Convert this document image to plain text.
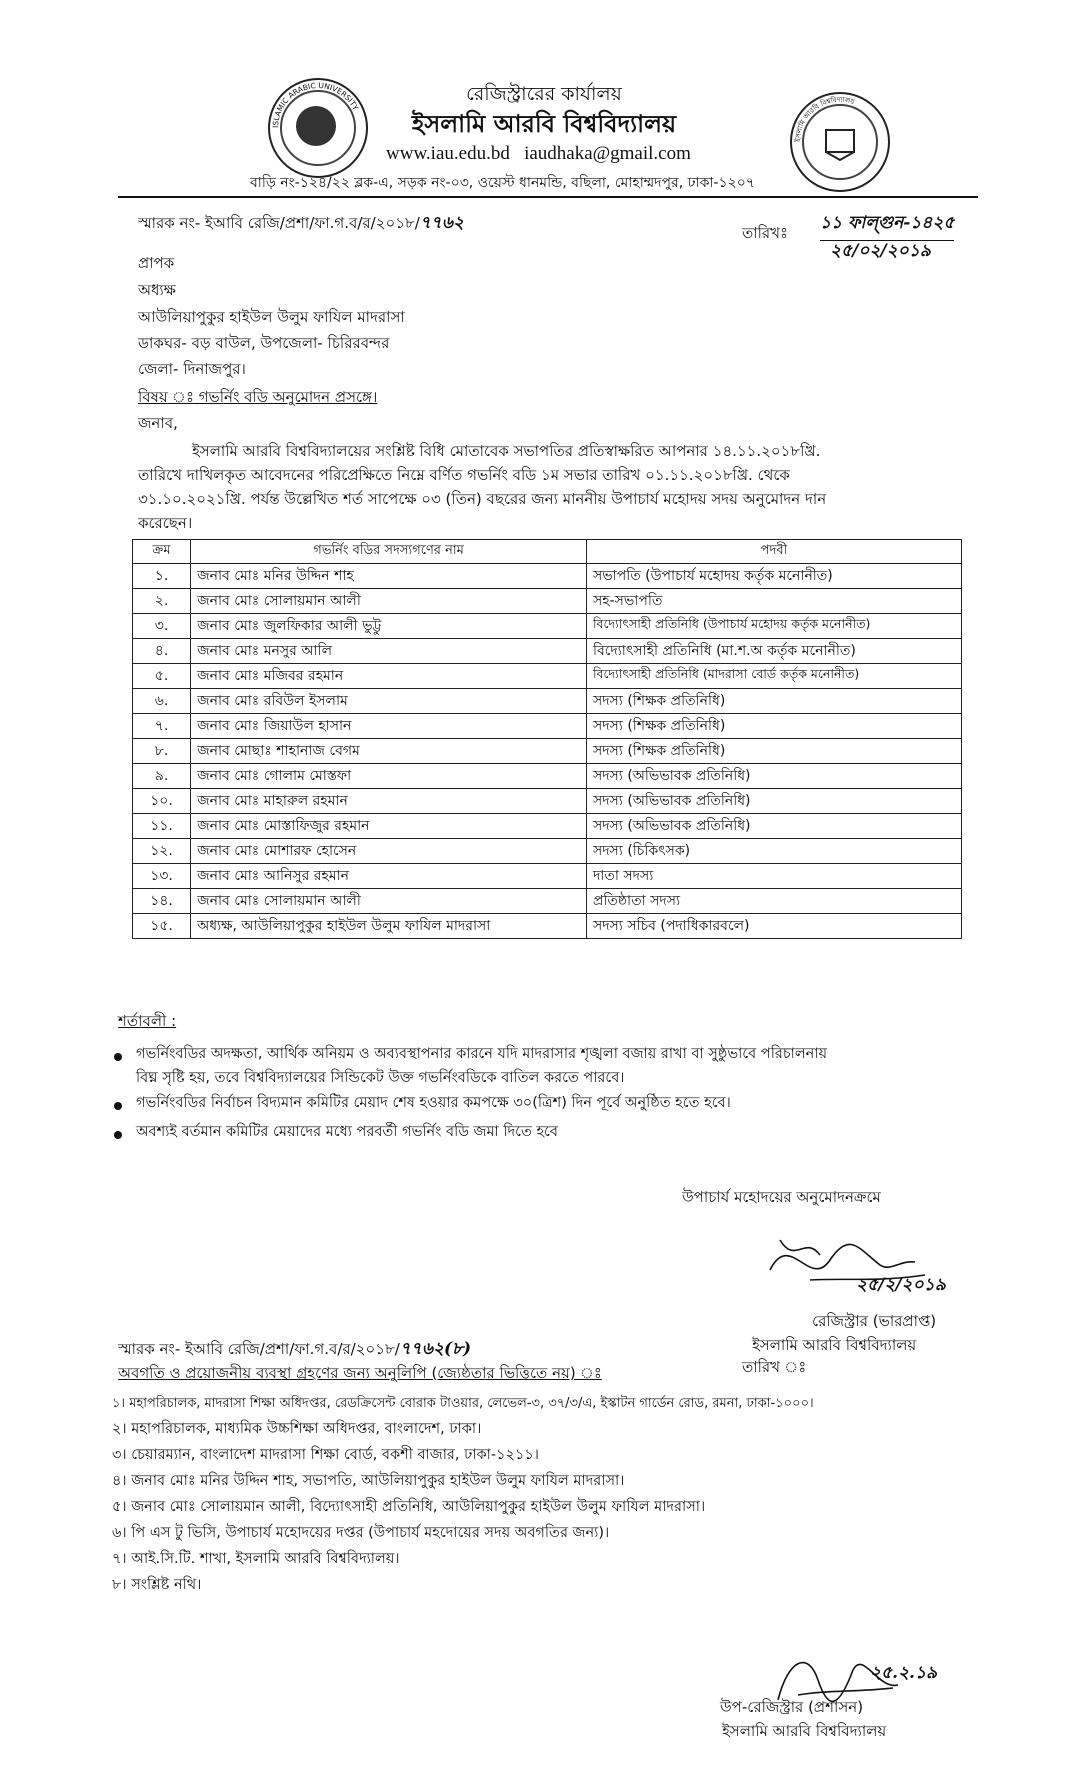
ISLAMIC ARABIC UNIVERSITY
ইসলামি আরবি বিশ্ববিদ্যালয়
রেজিস্ট্রারের কার্যালয়
ইসলামি আরবি বিশ্ববিদ্যালয়
www.iau.edu.bd iaudhaka@gmail.com
বাড়ি নং-১২৪/২২ ব্লক-এ, সড়ক নং-০৩, ওয়েস্ট ধানমন্ডি, বছিলা, মোহাম্মদপুর, ঢাকা-১২০৭
স্মারক নং- ইআবি রেজি/প্রশা/ফা.গ.ব/র/২০১৮/৭৭৬২	তারিখঃ ১১ ফাল্গুন-১৪২৫
২৫/০২/২০১৯
প্রাপক
অধ্যক্ষ
আউলিয়াপুকুর হাইউল উলুম ফাযিল মাদরাসা
ডাকঘর- বড় বাউল, উপজেলা- চিরিরবন্দর
জেলা- দিনাজপুর।
বিষয় ঃ গভর্নিং বডি অনুমোদন প্রসঙ্গে।
জনাব,
ইসলামি আরবি বিশ্ববিদ্যালয়ের সংশ্লিষ্ট বিধি মোতাবেক সভাপতির প্রতিস্বাক্ষরিত আপনার ১৪.১১.২০১৮খ্রি.
তারিখে দাখিলকৃত আবেদনের পরিপ্রেক্ষিতে নিম্নে বর্ণিত গভর্নিং বডি ১ম সভার তারিখ ০১.১১.২০১৮খ্রি. থেকে
৩১.১০.২০২১খ্রি. পর্যন্ত উল্লেখিত শর্ত সাপেক্ষে ০৩ (তিন) বছরের জন্য মাননীয় উপাচার্য মহোদয় সদয় অনুমোদন দান
করেছেন।
ক্রম	গভর্নিং বডির সদস্যগণের নাম	পদবী
১.	জনাব মোঃ মনির উদ্দিন শাহ	সভাপতি (উপাচার্য মহোদয় কর্তৃক মনোনীত)
২.	জনাব মোঃ সোলায়মান আলী	সহ-সভাপতি
৩.	জনাব মোঃ জুলফিকার আলী ভুট্টু	বিদ্যোৎসাহী প্রতিনিধি (উপাচার্য মহোদয় কর্তৃক মনোনীত)
৪.	জনাব মোঃ মনসুর আলি	বিদ্যোৎসাহী প্রতিনিধি (মা.শ.অ কর্তৃক মনোনীত)
৫.	জনাব মোঃ মজিবর রহমান	বিদ্যোৎসাহী প্রতিনিধি (মাদরাসা বোর্ড কর্তৃক মনোনীত)
৬.	জনাব মোঃ রবিউল ইসলাম	সদস্য (শিক্ষক প্রতিনিধি)
৭.	জনাব মোঃ জিয়াউল হাসান	সদস্য (শিক্ষক প্রতিনিধি)
৮.	জনাব মোছাঃ শাহানাজ বেগম	সদস্য (শিক্ষক প্রতিনিধি)
৯.	জনাব মোঃ গোলাম মোস্তফা	সদস্য (অভিভাবক প্রতিনিধি)
১০.	জনাব মোঃ মাহারুল রহমান	সদস্য (অভিভাবক প্রতিনিধি)
১১.	জনাব মোঃ মোস্তাফিজুর রহমান	সদস্য (অভিভাবক প্রতিনিধি)
১২.	জনাব মোঃ মোশারফ হোসেন	সদস্য (চিকিৎসক)
১৩.	জনাব মোঃ আনিসুর রহমান	দাতা সদস্য
১৪.	জনাব মোঃ সোলায়মান আলী	প্রতিষ্ঠাতা সদস্য
১৫.	অধ্যক্ষ, আউলিয়াপুকুর হাইউল উলুম ফাযিল মাদরাসা	সদস্য সচিব (পদাধিকারবলে)
শর্তাবলী :
গভর্নিংবডির অদক্ষতা, আর্থিক অনিয়ম ও অব্যবস্থাপনার কারনে যদি মাদরাসার শৃঙ্খলা বজায় রাখা বা সুষ্ঠুভাবে পরিচালনায়
বিঘ্ন সৃষ্টি হয়, তবে বিশ্ববিদ্যালয়ের সিন্ডিকেট উক্ত গভর্নিংবডিকে বাতিল করতে পারবে।
গভর্নিংবডির নির্বাচন বিদ্যমান কমিটির মেয়াদ শেষ হওয়ার কমপক্ষে ৩০(ত্রিশ) দিন পূর্বে অনুষ্ঠিত হতে হবে।
অবশ্যই বর্তমান কমিটির মেয়াদের মধ্যে পরবর্তী গভর্নিং বডি জমা দিতে হবে
উপাচার্য মহোদয়ের অনুমোদনক্রমে
২৫/২/২০১৯
রেজিস্ট্রার (ভারপ্রাপ্ত)
ইসলামি আরবি বিশ্ববিদ্যালয়
স্মারক নং- ইআবি রেজি/প্রশা/ফা.গ.ব/র/২০১৮/৭৭৬২(৮)
তারিখ ঃ
অবগতি ও প্রয়োজনীয় ব্যবস্থা গ্রহণের জন্য অনুলিপি (জ্যেষ্ঠতার ভিত্তিতে নয়) ঃ
১। মহাপরিচালক, মাদরাসা শিক্ষা অধিদপ্তর, রেডক্রিসেন্ট বোরাক টাওয়ার, লেভেল-৩, ৩৭/৩/এ, ইস্কাটন গার্ডেন রোড, রমনা, ঢাকা-১০০০।
২। মহাপরিচালক, মাধ্যমিক উচ্চশিক্ষা অধিদপ্তর, বাংলাদেশ, ঢাকা।
৩। চেয়ারম্যান, বাংলাদেশ মাদরাসা শিক্ষা বোর্ড, বকশী বাজার, ঢাকা-১২১১।
৪। জনাব মোঃ মনির উদ্দিন শাহ, সভাপতি, আউলিয়াপুকুর হাইউল উলুম ফাযিল মাদরাসা।
৫। জনাব মোঃ সোলায়মান আলী, বিদ্যোৎসাহী প্রতিনিধি, আউলিয়াপুকুর হাইউল উলুম ফাযিল মাদরাসা।
৬। পি এস টু ভিসি, উপাচার্য মহোদয়ের দপ্তর (উপাচার্য মহদোয়ের সদয় অবগতির জন্য)।
৭। আই.সি.টি. শাখা, ইসলামি আরবি বিশ্ববিদ্যালয়।
৮। সংশ্লিষ্ট নথি।
২৫.২.১৯
উপ-রেজিস্ট্রার (প্রশাসন)
ইসলামি আরবি বিশ্ববিদ্যালয়
